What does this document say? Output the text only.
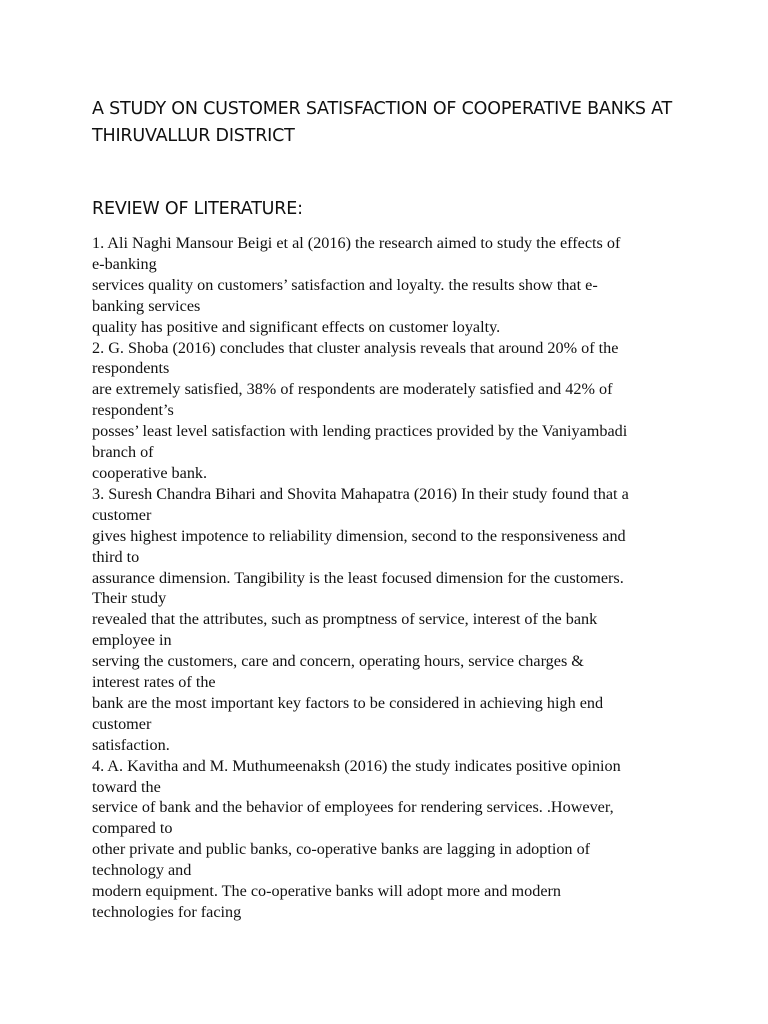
A STUDY ON CUSTOMER SATISFACTION OF COOPERATIVE BANKS AT THIRUVALLUR DISTRICT
REVIEW OF LITERATURE:
1. Ali Naghi Mansour Beigi et al (2016) the research aimed to study the effects of
e-banking
services quality on customers’ satisfaction and loyalty. the results show that e-
banking services
quality has positive and significant effects on customer loyalty.
2. G. Shoba (2016) concludes that cluster analysis reveals that around 20% of the
respondents
are extremely satisfied, 38% of respondents are moderately satisfied and 42% of
respondent’s
posses’ least level satisfaction with lending practices provided by the Vaniyambadi
branch of
cooperative bank.
3. Suresh Chandra Bihari and Shovita Mahapatra (2016) In their study found that a
customer
gives highest impotence to reliability dimension, second to the responsiveness and
third to
assurance dimension. Tangibility is the least focused dimension for the customers.
Their study
revealed that the attributes, such as promptness of service, interest of the bank
employee in
serving the customers, care and concern, operating hours, service charges &
interest rates of the
bank are the most important key factors to be considered in achieving high end
customer
satisfaction.
4. A. Kavitha and M. Muthumeenaksh (2016) the study indicates positive opinion
toward the
service of bank and the behavior of employees for rendering services. .However,
compared to
other private and public banks, co-operative banks are lagging in adoption of
technology and
modern equipment. The co-operative banks will adopt more and modern
technologies for facing
